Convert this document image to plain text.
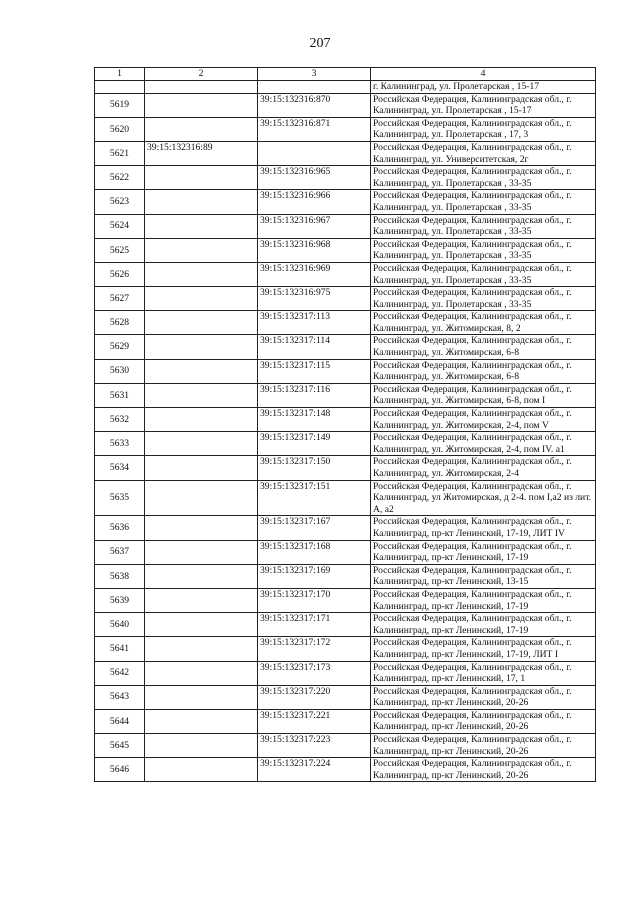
207
1	2	3	4
			г. Калининград, ул. Пролетарская , 15-17
5619		39:15:132316:870	Российская Федерация, Калининградская обл., г. Калининград, ул. Пролетарская , 15-17
5620		39:15:132316:871	Российская Федерация, Калининградская обл., г. Калининград, ул. Пролетарская , 17, 3
5621	39:15:132316:89		Российская Федерация, Калининградская обл., г. Калининград, ул. Университетская, 2г
5622		39:15:132316:965	Российская Федерация, Калининградская обл., г. Калининград, ул. Пролетарская , 33-35
5623		39:15:132316:966	Российская Федерация, Калининградская обл., г. Калининград, ул. Пролетарская , 33-35
5624		39:15:132316:967	Российская Федерация, Калининградская обл., г. Калининград, ул. Пролетарская , 33-35
5625		39:15:132316:968	Российская Федерация, Калининградская обл., г. Калининград, ул. Пролетарская , 33-35
5626		39:15:132316:969	Российская Федерация, Калининградская обл., г. Калининград, ул. Пролетарская , 33-35
5627		39:15:132316:975	Российская Федерация, Калининградская обл., г. Калининград, ул. Пролетарская , 33-35
5628		39:15:132317:113	Российская Федерация, Калининградская обл., г. Калининград, ул. Житомирская, 8, 2
5629		39:15:132317:114	Российская Федерация, Калининградская обл., г. Калининград, ул. Житомирская, 6-8
5630		39:15:132317:115	Российская Федерация, Калининградская обл., г. Калининград, ул. Житомирская, 6-8
5631		39:15:132317:116	Российская Федерация, Калининградская обл., г. Калининград, ул. Житомирская, 6-8, пом I
5632		39:15:132317:148	Российская Федерация, Калининградская обл., г. Калининград, ул. Житомирская, 2-4, пом V
5633		39:15:132317:149	Российская Федерация, Калининградская обл., г. Калининград, ул. Житомирская, 2-4, пом IV. а1
5634		39:15:132317:150	Российская Федерация, Калининградская обл., г. Калининград, ул. Житомирская, 2-4
5635		39:15:132317:151	Российская Федерация, Калининградская обл., г. Калининград, ул Житомирская, д 2-4. пом I,a2 из лит. А, а2
5636		39:15:132317:167	Российская Федерация, Калининградская обл., г. Калининград, пр-кт Ленинский, 17-19, ЛИТ IV
5637		39:15:132317:168	Российская Федерация, Калининградская обл., г. Калининград, пр-кт Ленинский, 17-19
5638		39:15:132317:169	Российская Федерация, Калининградская обл., г. Калининград, пр-кт Ленинский, 13-15
5639		39:15:132317:170	Российская Федерация, Калининградская обл., г. Калининград, пр-кт Ленинский, 17-19
5640		39:15:132317:171	Российская Федерация, Калининградская обл., г. Калининград, пр-кт Ленинский, 17-19
5641		39:15:132317:172	Российская Федерация, Калининградская обл., г. Калининград, пр-кт Ленинский, 17-19, ЛИТ I
5642		39:15:132317:173	Российская Федерация, Калининградская обл., г. Калининград, пр-кт Ленинский, 17, 1
5643		39:15:132317:220	Российская Федерация, Калининградская обл., г. Калининград, пр-кт Ленинский, 20-26
5644		39:15:132317:221	Российская Федерация, Калининградская обл., г. Калининград, пр-кт Ленинский, 20-26
5645		39:15:132317:223	Российская Федерация, Калининградская обл., г. Калининград, пр-кт Ленинский, 20-26
5646		39:15:132317:224	Российская Федерация, Калининградская обл., г. Калининград, пр-кт Ленинский, 20-26
